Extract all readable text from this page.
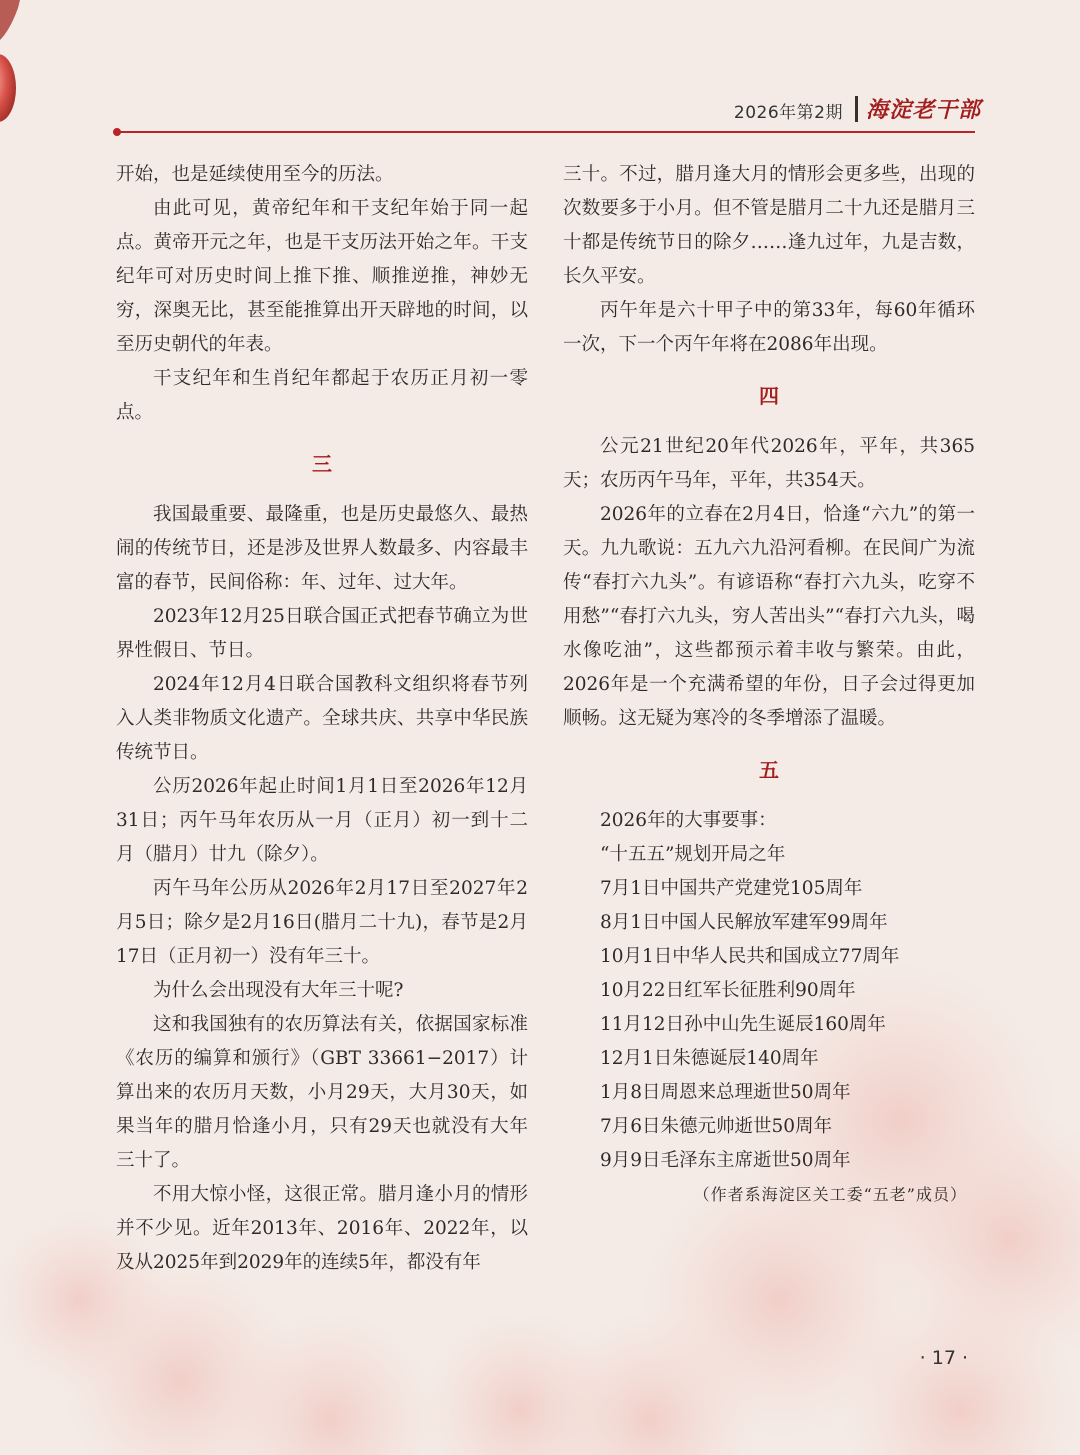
2026年第2期 海淀老干部

开始，也是延续使用至今的历法。

由此可见，黄帝纪年和干支纪年始于同一起点。黄帝开元之年，也是干支历法开始之年。干支纪年可对历史时间上推下推、顺推逆推，神妙无穷，深奥无比，甚至能推算出开天辟地的时间，以至历史朝代的年表。

干支纪年和生肖纪年都起于农历正月初一零点。

三

我国最重要、最隆重，也是历史最悠久、最热闹的传统节日，还是涉及世界人数最多、内容最丰富的春节，民间俗称：年、过年、过大年。

2023年12月25日联合国正式把春节确立为世界性假日、节日。

2024年12月4日联合国教科文组织将春节列入人类非物质文化遗产。全球共庆、共享中华民族传统节日。

公历2026年起止时间1月1日至2026年12月31日；丙午马年农历从一月（正月）初一到十二月（腊月）廿九（除夕）。

丙午马年公历从2026年2月17日至2027年2月5日；除夕是2月16日(腊月二十九)，春节是2月17日（正月初一）没有年三十。

为什么会出现没有大年三十呢?

这和我国独有的农历算法有关，依据国家标准《农历的编算和颁行》（GBT 33661−2017）计算出来的农历月天数，小月29天，大月30天，如果当年的腊月恰逢小月，只有29天也就没有大年三十了。

不用大惊小怪，这很正常。腊月逢小月的情形并不少见。近年2013年、2016年、2022年，以及从2025年到2029年的连续5年，都没有年

三十。不过，腊月逢大月的情形会更多些，出现的次数要多于小月。但不管是腊月二十九还是腊月三十都是传统节日的除夕……逢九过年，九是吉数，长久平安。

丙午年是六十甲子中的第33年，每60年循环一次，下一个丙午年将在2086年出现。

四

公元21世纪20年代2026年，平年，共365天；农历丙午马年，平年，共354天。

2026年的立春在2月4日，恰逢“六九”的第一天。九九歌说：五九六九沿河看柳。在民间广为流传“春打六九头”。有谚语称“春打六九头，吃穿不用愁”“春打六九头，穷人苦出头”“春打六九头，喝水像吃油”，这些都预示着丰收与繁荣。由此，2026年是一个充满希望的年份，日子会过得更加顺畅。这无疑为寒冷的冬季增添了温暖。

五

2026年的大事要事：

“十五五”规划开局之年
7月1日中国共产党建党105周年
8月1日中国人民解放军建军99周年
10月1日中华人民共和国成立77周年
10月22日红军长征胜利90周年
11月12日孙中山先生诞辰160周年
12月1日朱德诞辰140周年
1月8日周恩来总理逝世50周年
7月6日朱德元帅逝世50周年
9月9日毛泽东主席逝世50周年
（作者系海淀区关工委“五老”成员）
· 17 ·
